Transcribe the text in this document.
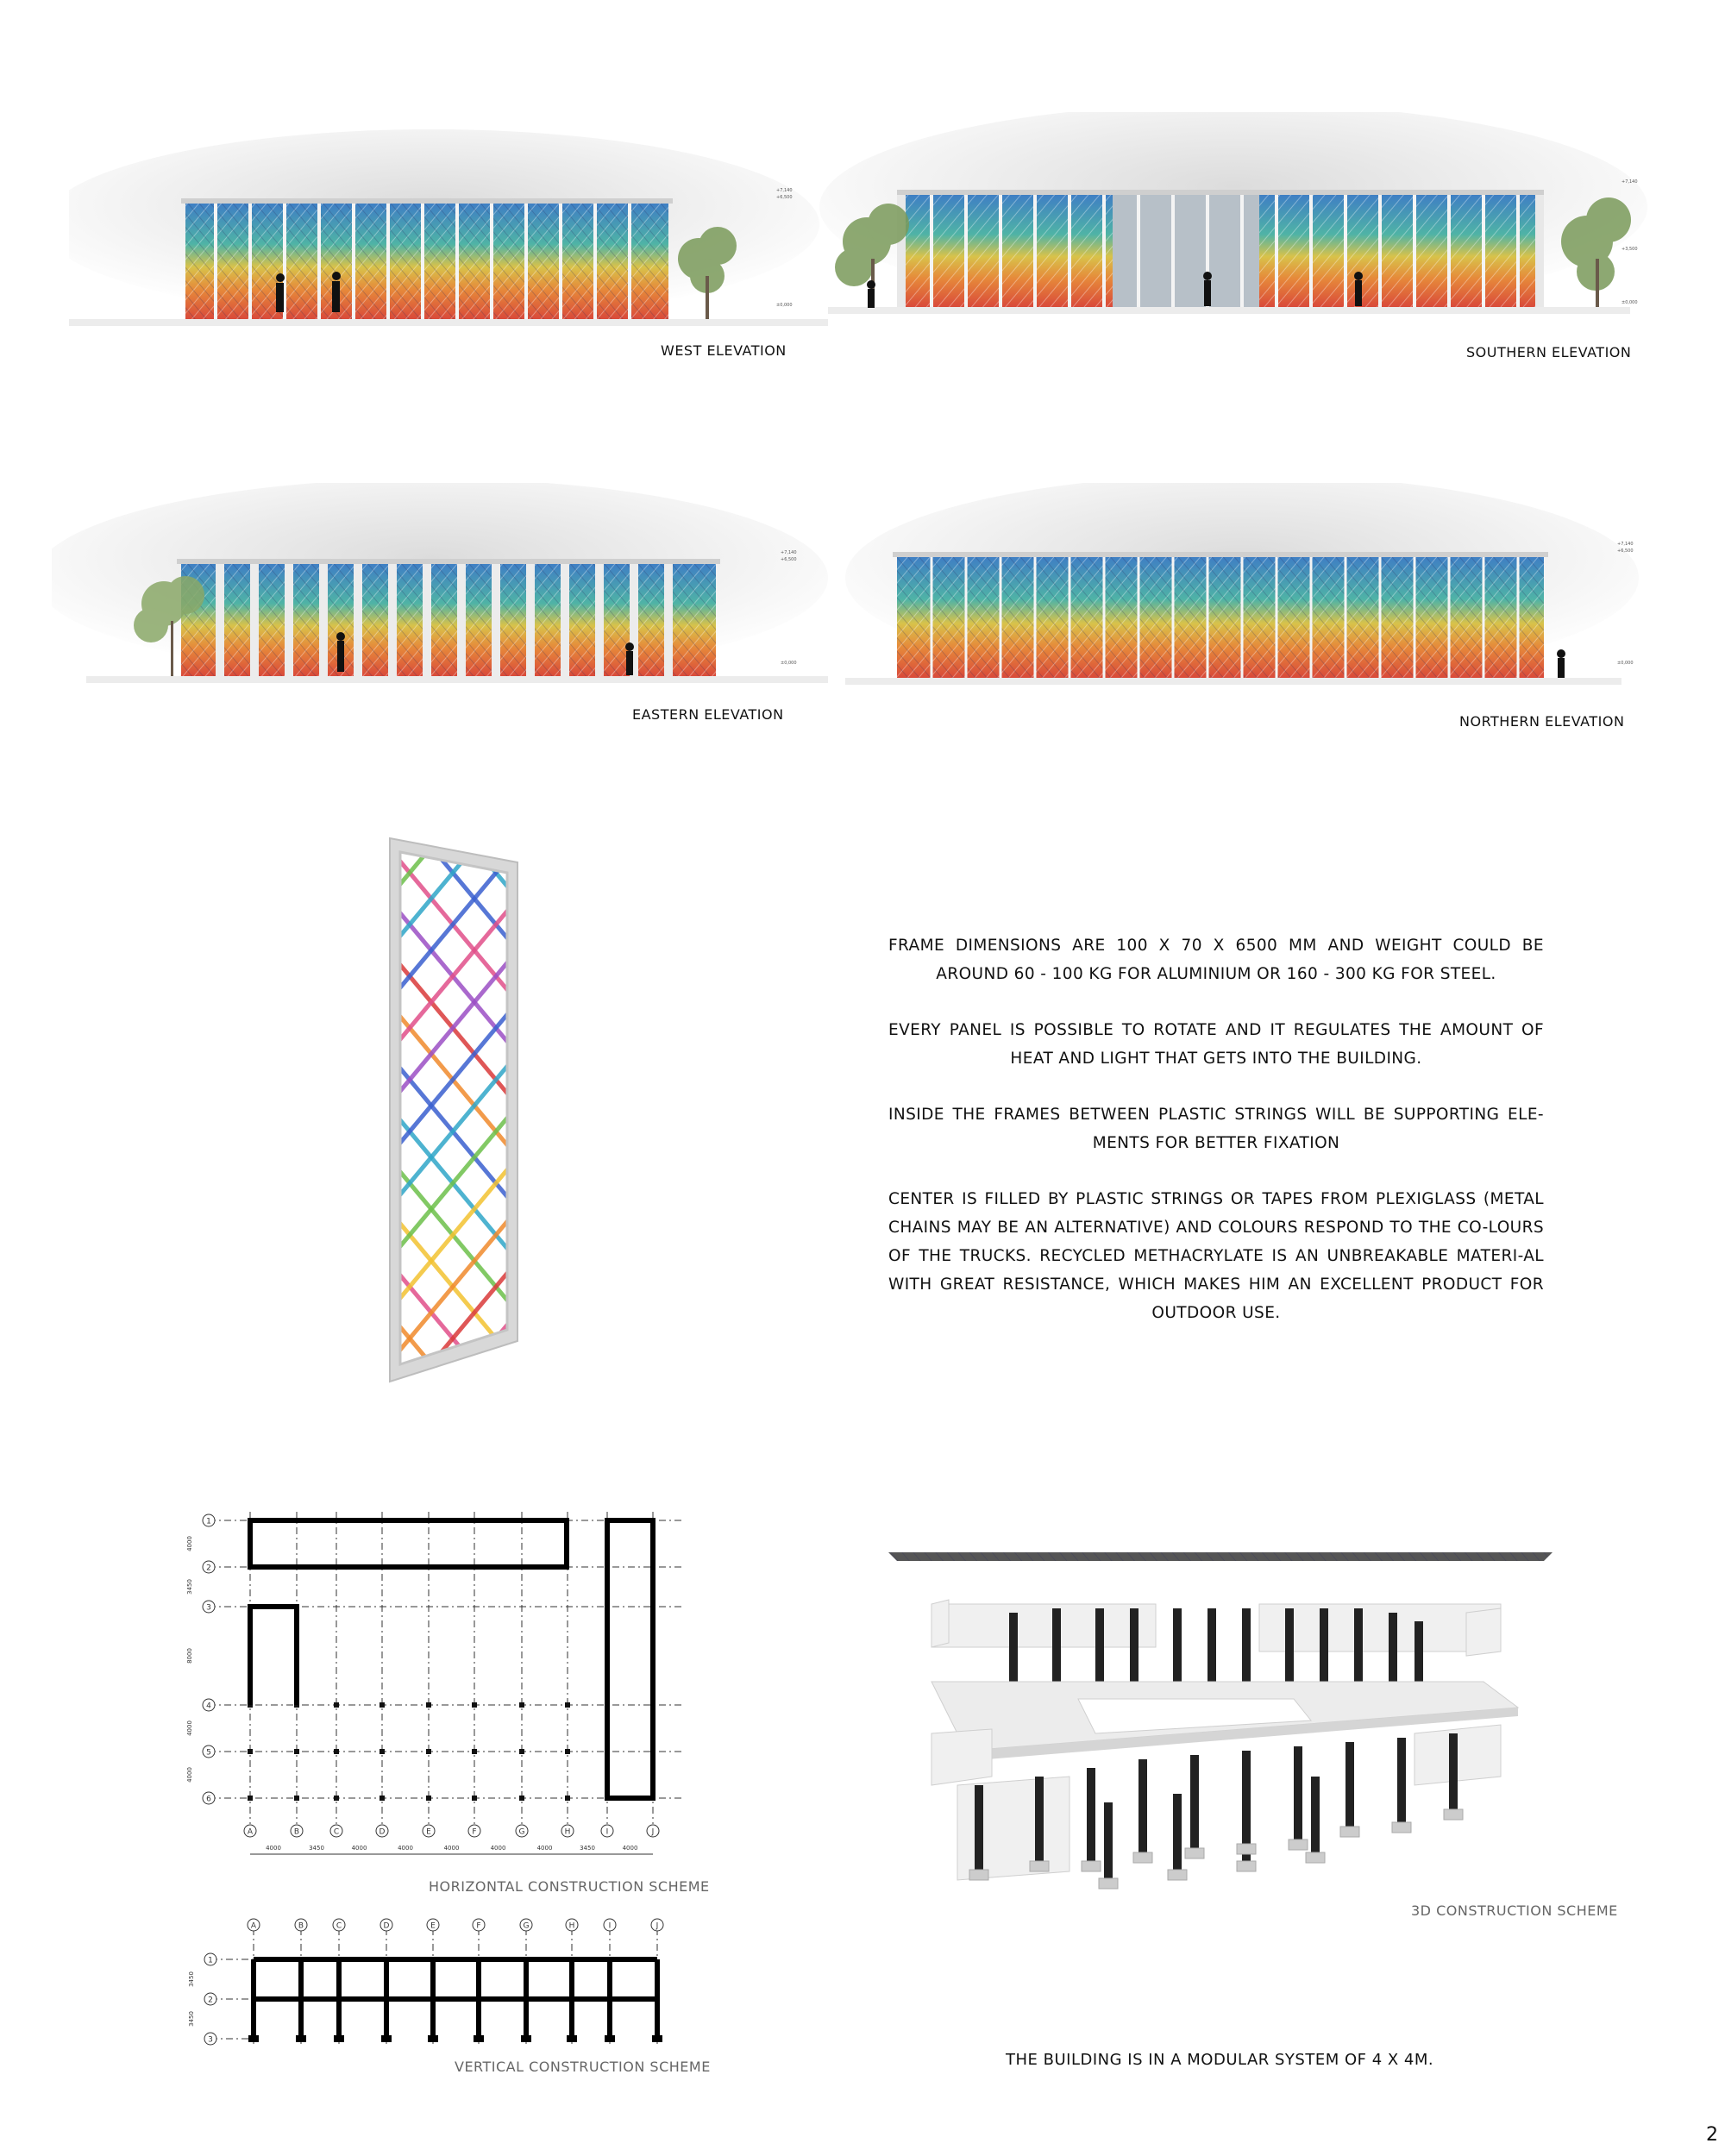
+7,140
+6,500
±0,000
WEST ELEVATION
+7,140
+3,500
±0,000
SOUTHERN ELEVATION
+7,140
+6,500
±0,000
EASTERN ELEVATION
+7,140
+6,500
±0,000
NORTHERN ELEVATION

FRAME DIMENSIONS ARE 100 X 70 X 6500 MM AND WEIGHT COULD BE AROUND 60 - 100 KG FOR ALUMINIUM OR 160 - 300 KG FOR STEEL.

EVERY PANEL IS POSSIBLE TO ROTATE AND IT REGULATES THE AMOUNT OF HEAT AND LIGHT THAT GETS INTO THE BUILDING.

INSIDE THE FRAMES BETWEEN PLASTIC STRINGS WILL BE SUPPORTING ELE-MENTS FOR BETTER FIXATION

CENTER IS FILLED BY PLASTIC STRINGS OR TAPES FROM PLEXIGLASS (METAL CHAINS MAY BE AN ALTERNATIVE) AND COLOURS RESPOND TO THE CO-LOURS OF THE TRUCKS. RECYCLED METHACRYLATE IS AN UNBREAKABLE MATERI-AL WITH GREAT RESISTANCE, WHICH MAKES HIM AN EXCELLENT PRODUCT FOR OUTDOOR USE.

1
2
3
4
5
6
A	B	C	D	E	F	G	H	I	J
4000	3450	4000	4000	4000	4000	4000	3450	4000
4000
3450
8000
4000
4000
HORIZONTAL CONSTRUCTION SCHEME
A	B	C	D	E	F	G	H	I	J
1
2
3
3450
3450
VERTICAL CONSTRUCTION SCHEME
3D CONSTRUCTION SCHEME
THE BUILDING IS IN A MODULAR SYSTEM OF 4 X 4M.
2
